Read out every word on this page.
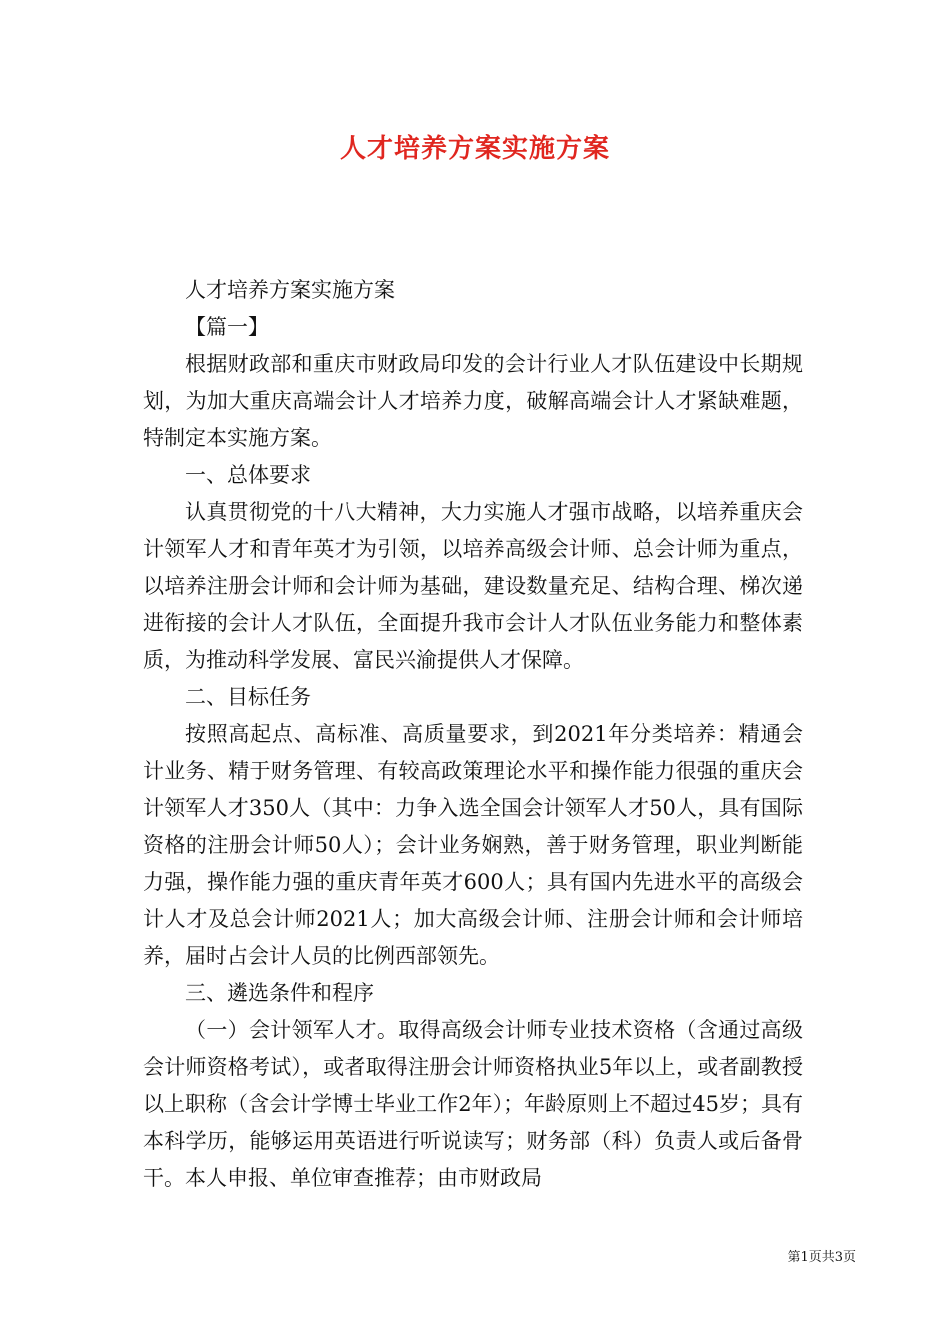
人才培养方案实施方案

人才培养方案实施方案

【篇一】

根据财政部和重庆市财政局印发的会计行业人才队伍建设中长期规划，为加大重庆高端会计人才培养力度，破解高端会计人才紧缺难题，特制定本实施方案。

一、总体要求

认真贯彻党的十八大精神，大力实施人才强市战略，以培养重庆会计领军人才和青年英才为引领，以培养高级会计师、总会计师为重点，以培养注册会计师和会计师为基础，建设数量充足、结构合理、梯次递进衔接的会计人才队伍，全面提升我市会计人才队伍业务能力和整体素质，为推动科学发展、富民兴渝提供人才保障。

二、目标任务

按照高起点、高标准、高质量要求，到2021年分类培养：精通会计业务、精于财务管理、有较高政策理论水平和操作能力很强的重庆会计领军人才350人（其中：力争入选全国会计领军人才50人，具有国际资格的注册会计师50人）；会计业务娴熟，善于财务管理，职业判断能力强，操作能力强的重庆青年英才600人；具有国内先进水平的高级会计人才及总会计师2021人；加大高级会计师、注册会计师和会计师培养，届时占会计人员的比例西部领先。

三、遴选条件和程序

（一）会计领军人才。取得高级会计师专业技术资格（含通过高级会计师资格考试），或者取得注册会计师资格执业5年以上，或者副教授以上职称（含会计学博士毕业工作2年）；年龄原则上不超过45岁；具有本科学历，能够运用英语进行听说读写；财务部（科）负责人或后备骨干。本人申报、单位审查推荐；由市财政局

第1页共3页
